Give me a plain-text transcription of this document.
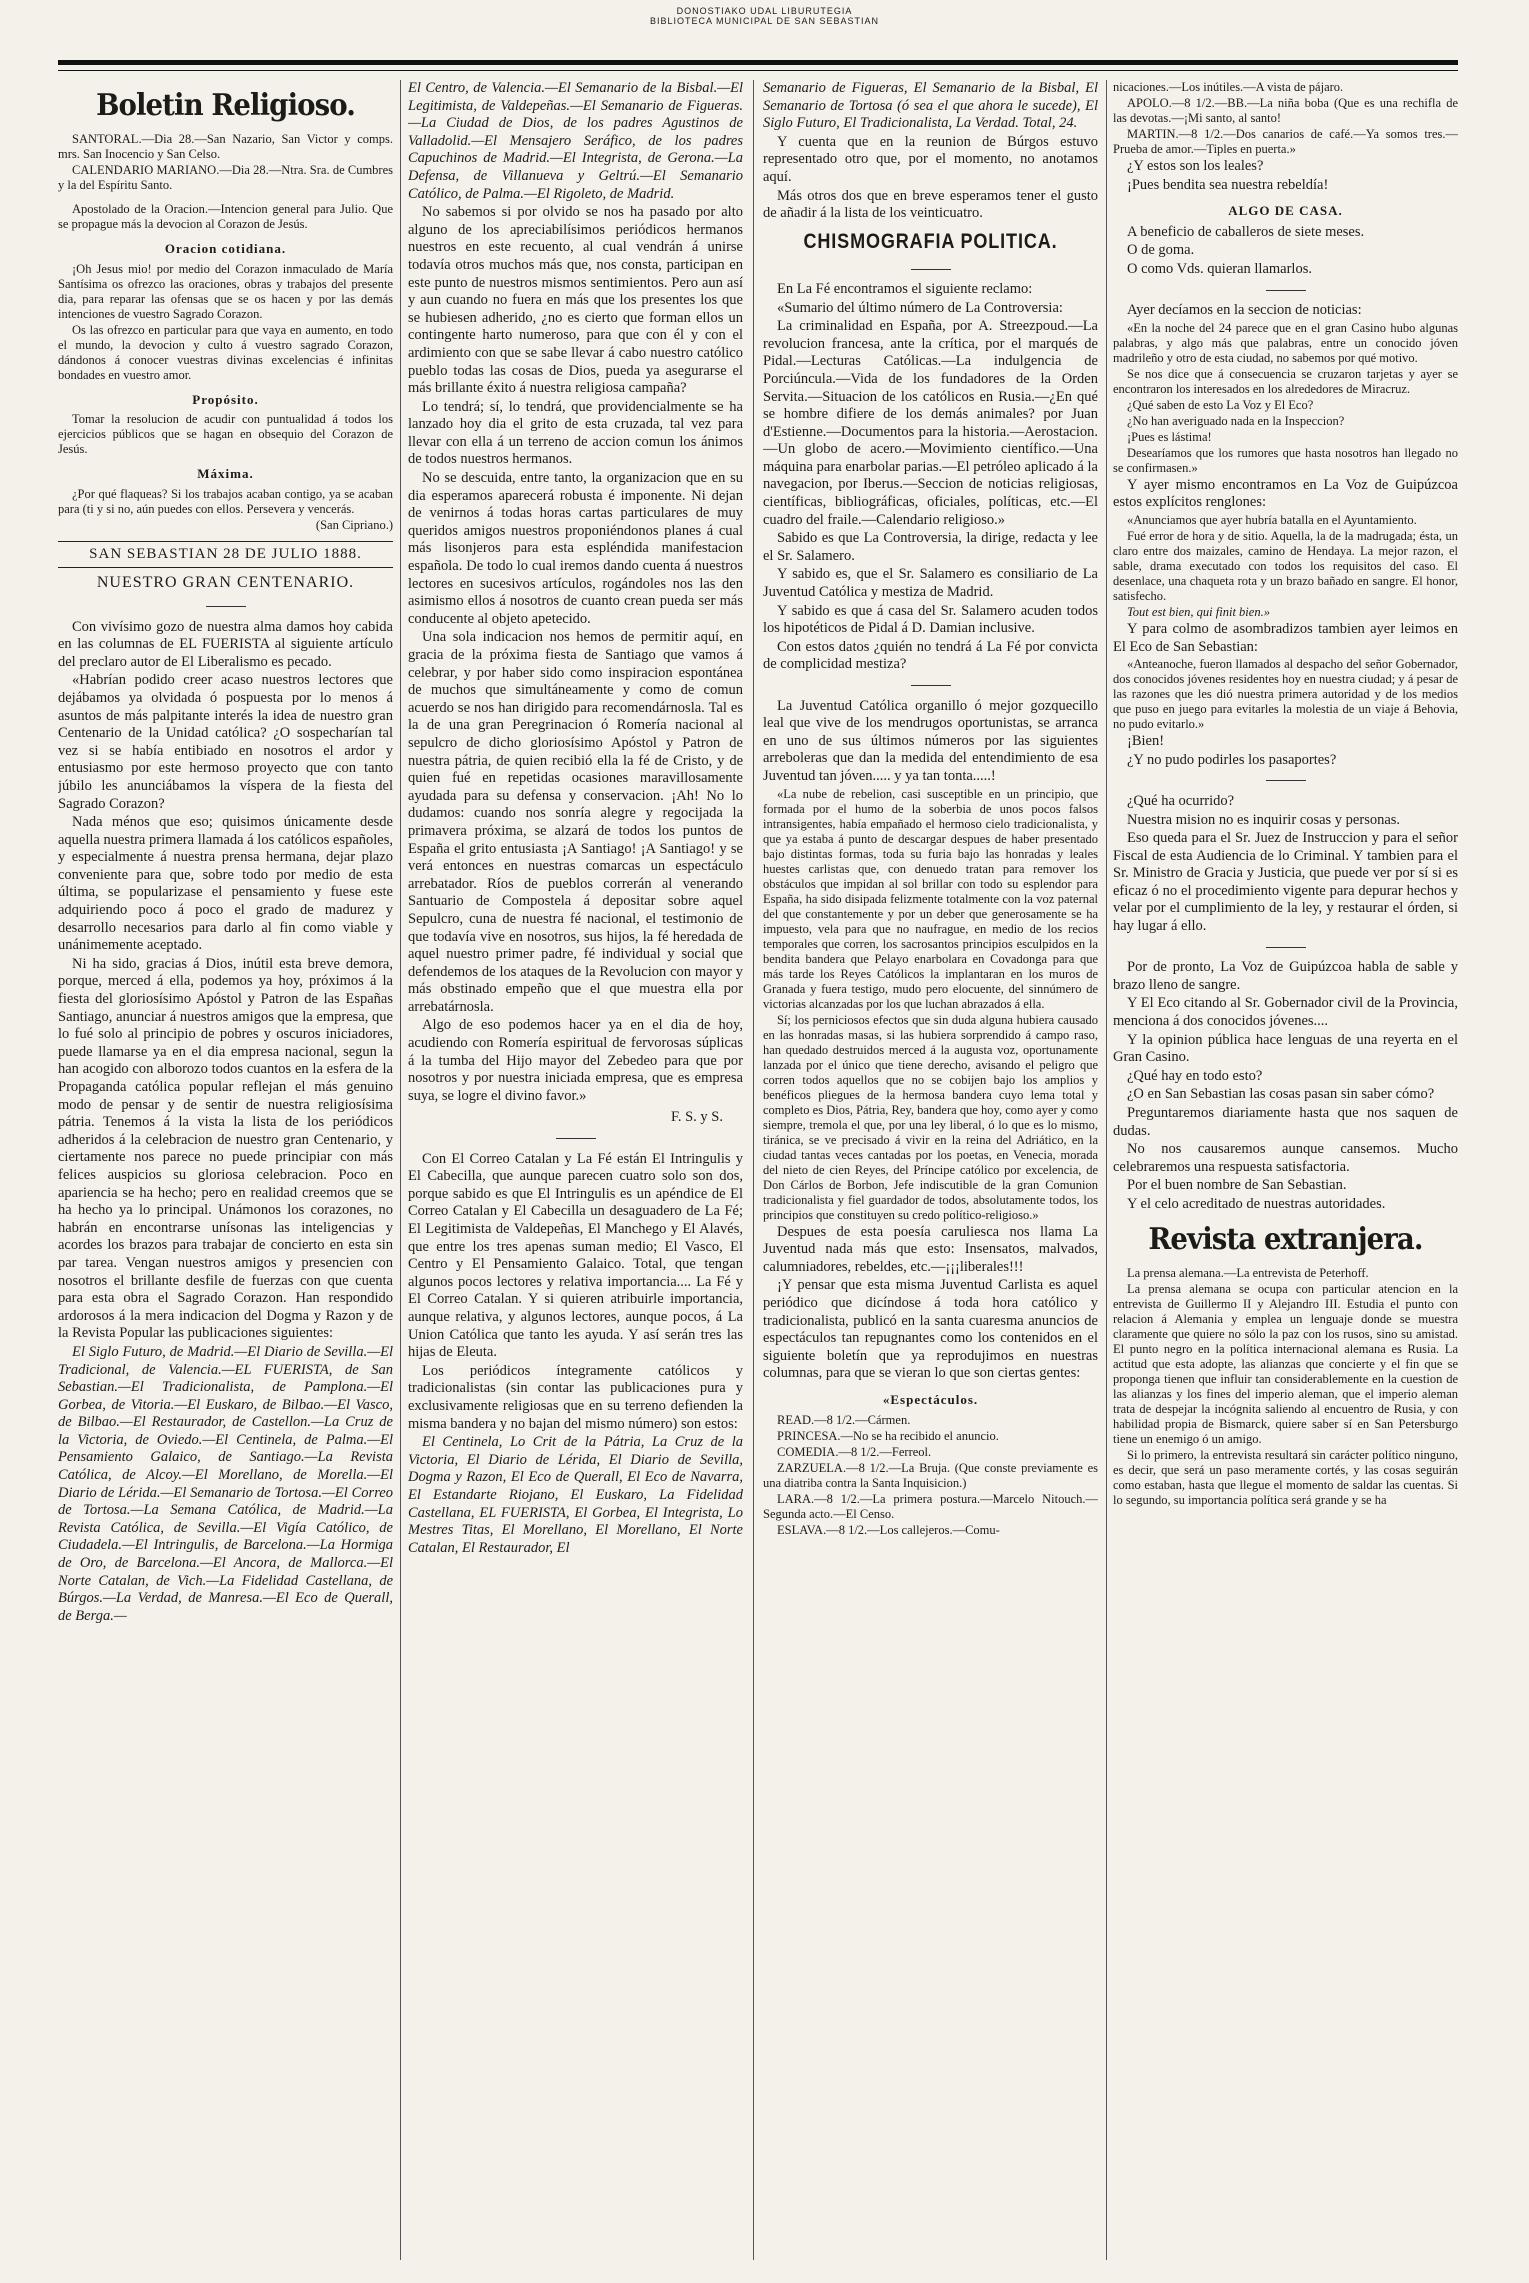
DONOSTIAKO UDAL LIBURUTEGIA
BIBLIOTECA MUNICIPAL DE SAN SEBASTIAN
Boletin Religioso.

SANTORAL.—Dia 28.—San Nazario, San Victor y comps. mrs. San Inocencio y San Celso.

CALENDARIO MARIANO.—Dia 28.—Ntra. Sra. de Cumbres y la del Espíritu Santo.

Apostolado de la Oracion.—Intencion general para Julio. Que se propague más la devocion al Corazon de Jesús.

Oracion cotidiana.

¡Oh Jesus mio! por medio del Corazon inmaculado de María Santísima os ofrezco las oraciones, obras y trabajos del presente dia, para reparar las ofensas que se os hacen y por las demás intenciones de vuestro Sagrado Corazon.

Os las ofrezco en particular para que vaya en aumento, en todo el mundo, la devocion y culto á vuestro sagrado Corazon, dándonos á conocer vuestras divinas excelencias é infinitas bondades en vuestro amor.

Propósito.

Tomar la resolucion de acudir con puntualidad á todos los ejercicios públicos que se hagan en obsequio del Corazon de Jesús.

Máxima.

¿Por qué flaqueas? Si los trabajos acaban contigo, ya se acaban para (ti y si no, aún puedes con ellos. Persevera y vencerás.

(San Cipriano.)

SAN SEBASTIAN 28 DE JULIO 1888.
NUESTRO GRAN CENTENARIO.

Con vivísimo gozo de nuestra alma damos hoy cabida en las columnas de EL FUERISTA al siguiente artículo del preclaro autor de El Liberalismo es pecado.

«Habrían podido creer acaso nuestros lectores que dejábamos ya olvidada ó pospuesta por lo menos á asuntos de más palpitante interés la idea de nuestro gran Centenario de la Unidad católica? ¿O sospecharían tal vez si se había entibiado en nosotros el ardor y entusiasmo por este hermoso proyecto que con tanto júbilo les anunciábamos la víspera de la fiesta del Sagrado Corazon?

Nada ménos que eso; quisimos únicamente desde aquella nuestra primera llamada á los católicos españoles, y especialmente á nuestra prensa hermana, dejar plazo conveniente para que, sobre todo por medio de esta última, se popularizase el pensamiento y fuese este adquiriendo poco á poco el grado de madurez y desarrollo necesarios para darlo al fin como viable y unánimemente aceptado.

Ni ha sido, gracias á Dios, inútil esta breve demora, porque, merced á ella, podemos ya hoy, próximos á la fiesta del gloriosísimo Apóstol y Patron de las Españas Santiago, anunciar á nuestros amigos que la empresa, que lo fué solo al principio de pobres y oscuros iniciadores, puede llamarse ya en el dia empresa nacional, segun la han acogido con alborozo todos cuantos en la esfera de la Propaganda católica popular reflejan el más genuino modo de pensar y de sentir de nuestra religiosísima pátria. Tenemos á la vista la lista de los periódicos adheridos á la celebracion de nuestro gran Centenario, y ciertamente nos parece no puede principiar con más felices auspicios su gloriosa celebracion. Poco en apariencia se ha hecho; pero en realidad creemos que se ha hecho ya lo principal. Unámonos los corazones, no habrán en encontrarse unísonas las inteligencias y acordes los brazos para trabajar de concierto en esta sin par tarea. Vengan nuestros amigos y presencien con nosotros el brillante desfile de fuerzas con que cuenta para esta obra el Sagrado Corazon. Han respondido ardorosos á la mera indicacion del Dogma y Razon y de la Revista Popular las publicaciones siguientes:

El Siglo Futuro, de Madrid.—El Diario de Sevilla.—El Tradicional, de Valencia.—EL FUERISTA, de San Sebastian.—El Tradicionalista, de Pamplona.—El Gorbea, de Vitoria.—El Euskaro, de Bilbao.—El Vasco, de Bilbao.—El Restaurador, de Castellon.—La Cruz de la Victoria, de Oviedo.—El Centinela, de Palma.—El Pensamiento Galaico, de Santiago.—La Revista Católica, de Alcoy.—El Morellano, de Morella.—El Diario de Lérida.—El Semanario de Tortosa.—El Correo de Tortosa.—La Semana Católica, de Madrid.—La Revista Católica, de Sevilla.—El Vigía Católico, de Ciudadela.—El Intringulis, de Barcelona.—La Hormiga de Oro, de Barcelona.—El Ancora, de Mallorca.—El Norte Catalan, de Vich.—La Fidelidad Castellana, de Búrgos.—La Verdad, de Manresa.—El Eco de Querall, de Berga.—

El Centro, de Valencia.—El Semanario de la Bisbal.—El Legitimista, de Valdepeñas.—El Semanario de Figueras.—La Ciudad de Dios, de los padres Agustinos de Valladolid.—El Mensajero Seráfico, de los padres Capuchinos de Madrid.—El Integrista, de Gerona.—La Defensa, de Villanueva y Geltrú.—El Semanario Católico, de Palma.—El Rigoleto, de Madrid.

No sabemos si por olvido se nos ha pasado por alto alguno de los apreciabilísimos periódicos hermanos nuestros en este recuento, al cual vendrán á unirse todavía otros muchos más que, nos consta, participan en este punto de nuestros mismos sentimientos. Pero aun así y aun cuando no fuera en más que los presentes los que se hubiesen adherido, ¿no es cierto que forman ellos un contingente harto numeroso, para que con él y con el ardimiento con que se sabe llevar á cabo nuestro católico pueblo todas las cosas de Dios, pueda ya asegurarse el más brillante éxito á nuestra religiosa campaña?

Lo tendrá; sí, lo tendrá, que providencialmente se ha lanzado hoy dia el grito de esta cruzada, tal vez para llevar con ella á un terreno de accion comun los ánimos de todos nuestros hermanos.

No se descuida, entre tanto, la organizacion que en su dia esperamos aparecerá robusta é imponente. Ni dejan de venirnos á todas horas cartas particulares de muy queridos amigos nuestros proponiéndonos planes á cual más lisonjeros para esta espléndida manifestacion española. De todo lo cual iremos dando cuenta á nuestros lectores en sucesivos artículos, rogándoles nos las den asimismo ellos á nosotros de cuanto crean pueda ser más conducente al objeto apetecido.

Una sola indicacion nos hemos de permitir aquí, en gracia de la próxima fiesta de Santiago que vamos á celebrar, y por haber sido como inspiracion espontánea de muchos que simultáneamente y como de comun acuerdo se nos han dirigido para recomendárnosla. Tal es la de una gran Peregrinacion ó Romería nacional al sepulcro de dicho gloriosísimo Apóstol y Patron de nuestra pátria, de quien recibió ella la fé de Cristo, y de quien fué en repetidas ocasiones maravillosamente ayudada para su defensa y conservacion. ¡Ah! No lo dudamos: cuando nos sonría alegre y regocijada la primavera próxima, se alzará de todos los puntos de España el grito entusiasta ¡A Santiago! ¡A Santiago! y se verá entonces en nuestras comarcas un espectáculo arrebatador. Ríos de pueblos correrán al venerando Santuario de Compostela á depositar sobre aquel Sepulcro, cuna de nuestra fé nacional, el testimonio de que todavía vive en nosotros, sus hijos, la fé heredada de aquel nuestro primer padre, fé individual y social que defendemos de los ataques de la Revolucion con mayor y más obstinado empeño que el que muestra ella por arrebatárnosla.

Algo de eso podemos hacer ya en el dia de hoy, acudiendo con Romería espiritual de fervorosas súplicas á la tumba del Hijo mayor del Zebedeo para que por nosotros y por nuestra iniciada empresa, que es empresa suya, se logre el divino favor.»

F. S. y S.

Con El Correo Catalan y La Fé están El Intringulis y El Cabecilla, que aunque parecen cuatro solo son dos, porque sabido es que El Intringulis es un apéndice de El Correo Catalan y El Cabecilla un desaguadero de La Fé; El Legitimista de Valdepeñas, El Manchego y El Alavés, que entre los tres apenas suman medio; El Vasco, El Centro y El Pensamiento Galaico. Total, que tengan algunos pocos lectores y relativa importancia.... La Fé y El Correo Catalan. Y si quieren atribuirle importancia, aunque relativa, y algunos lectores, aunque pocos, á La Union Católica que tanto les ayuda. Y así serán tres las hijas de Eleuta.

Los periódicos íntegramente católicos y tradicionalistas (sin contar las publicaciones pura y exclusivamente religiosas que en su terreno defienden la misma bandera y no bajan del mismo número) son estos:

El Centinela, Lo Crit de la Pátria, La Cruz de la Victoria, El Diario de Lérida, El Diario de Sevilla, Dogma y Razon, El Eco de Querall, El Eco de Navarra, El Estandarte Riojano, El Euskaro, La Fidelidad Castellana, EL FUERISTA, El Gorbea, El Integrista, Lo Mestres Titas, El Morellano, El Morellano, El Norte Catalan, El Restaurador, El

Semanario de Figueras, El Semanario de la Bisbal, El Semanario de Tortosa (ó sea el que ahora le sucede), El Siglo Futuro, El Tradicionalista, La Verdad. Total, 24.

Y cuenta que en la reunion de Búrgos estuvo representado otro que, por el momento, no anotamos aquí.

Más otros dos que en breve esperamos tener el gusto de añadir á la lista de los veinticuatro.

CHISMOGRAFIA POLITICA.

En La Fé encontramos el siguiente reclamo:

«Sumario del último número de La Controversia:

La criminalidad en España, por A. Streezpoud.—La revolucion francesa, ante la crítica, por el marqués de Pidal.—Lecturas Católicas.—La indulgencia de Porciúncula.—Vida de los fundadores de la Orden Servita.—Situacion de los católicos en Rusia.—¿En qué se hombre difiere de los demás animales? por Juan d'Estienne.—Documentos para la historia.—Aerostacion.—Un globo de acero.—Movimiento científico.—Una máquina para enarbolar parias.—El petróleo aplicado á la navegacion, por Iberus.—Seccion de noticias religiosas, científicas, bibliográficas, oficiales, políticas, etc.—El cuadro del fraile.—Calendario religioso.»

Sabido es que La Controversia, la dirige, redacta y lee el Sr. Salamero.

Y sabido es, que el Sr. Salamero es consiliario de La Juventud Católica y mestiza de Madrid.

Y sabido es que á casa del Sr. Salamero acuden todos los hipotéticos de Pidal á D. Damian inclusive.

Con estos datos ¿quién no tendrá á La Fé por convicta de complicidad mestiza?

La Juventud Católica organillo ó mejor gozquecillo leal que vive de los mendrugos oportunistas, se arranca en uno de sus últimos números por las siguientes arreboleras que dan la medida del entendimiento de esa Juventud tan jóven..... y ya tan tonta.....!

«La nube de rebelion, casi susceptible en un principio, que formada por el humo de la soberbia de unos pocos falsos intransigentes, había empañado el hermoso cielo tradicionalista, y que ya estaba á punto de descargar despues de haber presentado bajo distintas formas, toda su furia bajo las honradas y leales huestes carlistas que, con denuedo tratan para remover los obstáculos que impidan al sol brillar con todo su esplendor para España, ha sido disipada felizmente totalmente con la voz paternal del que constantemente y por un deber que generosamente se ha impuesto, vela para que no naufrague, en medio de los recios temporales que corren, los sacrosantos principios esculpidos en la bendita bandera que Pelayo enarbolara en Covadonga para que más tarde los Reyes Católicos la implantaran en los muros de Granada y fuera testigo, mudo pero elocuente, del sinnúmero de victorias alcanzadas por los que luchan abrazados á ella.

Sí; los perniciosos efectos que sin duda alguna hubiera causado en las honradas masas, si las hubiera sorprendido á campo raso, han quedado destruidos merced á la augusta voz, oportunamente lanzada por el único que tiene derecho, avisando el peligro que corren todos aquellos que no se cobijen bajo los amplios y benéficos pliegues de la hermosa bandera cuyo lema total y completo es Dios, Pátria, Rey, bandera que hoy, como ayer y como siempre, tremola el que, por una ley liberal, ó lo que es lo mismo, tiránica, se ve precisado á vivir en la reina del Adriático, en la ciudad tantas veces cantadas por los poetas, en Venecia, morada del nieto de cien Reyes, del Príncipe católico por excelencia, de Don Cárlos de Borbon, Jefe indiscutible de la gran Comunion tradicionalista y fiel guardador de todos, absolutamente todos, los principios que constituyen su credo político-religioso.»

Despues de esta poesía caruliesca nos llama La Juventud nada más que esto: Insensatos, malvados, calumniadores, rebeldes, etc.—¡¡¡liberales!!!

¡Y pensar que esta misma Juventud Carlista es aquel periódico que dicíndose á toda hora católico y tradicionalista, publicó en la santa cuaresma anuncios de espectáculos tan repugnantes como los contenidos en el siguiente boletín que ya reprodujimos en nuestras columnas, para que se vieran lo que son ciertas gentes:

«Espectáculos.

READ.—8 1/2.—Cármen.

PRINCESA.—No se ha recibido el anuncio.

COMEDIA.—8 1/2.—Ferreol.

ZARZUELA.—8 1/2.—La Bruja. (Que conste previamente es una diatriba contra la Santa Inquisicion.)

LARA.—8 1/2.—La primera postura.—Marcelo Nitouch.—Segunda acto.—El Censo.

ESLAVA.—8 1/2.—Los callejeros.—Comu-

nicaciones.—Los inútiles.—A vista de pájaro.

APOLO.—8 1/2.—BB.—La niña boba (Que es una rechifla de las devotas.—¡Mi santo, al santo!

MARTIN.—8 1/2.—Dos canarios de café.—Ya somos tres.—Prueba de amor.—Tiples en puerta.»

¿Y estos son los leales?

¡Pues bendita sea nuestra rebeldía!

ALGO DE CASA.

A beneficio de caballeros de siete meses.

O de goma.

O como Vds. quieran llamarlos.

Ayer decíamos en la seccion de noticias:

«En la noche del 24 parece que en el gran Casino hubo algunas palabras, y algo más que palabras, entre un conocido jóven madrileño y otro de esta ciudad, no sabemos por qué motivo.

Se nos dice que á consecuencia se cruzaron tarjetas y ayer se encontraron los interesados en los alrededores de Miracruz.

¿Qué saben de esto La Voz y El Eco?

¿No han averiguado nada en la Inspeccion?

¡Pues es lástima!

Desearíamos que los rumores que hasta nosotros han llegado no se confirmasen.»

Y ayer mismo encontramos en La Voz de Guipúzcoa estos explícitos renglones:

«Anunciamos que ayer hubría batalla en el Ayuntamiento.

Fué error de hora y de sitio. Aquella, la de la madrugada; ésta, un claro entre dos maizales, camino de Hendaya. La mejor razon, el sable, drama executado con todos los requisitos del caso. El desenlace, una chaqueta rota y un brazo bañado en sangre. El honor, satisfecho.

Tout est bien, qui finit bien.»

Y para colmo de asombradizos tambien ayer leimos en El Eco de San Sebastian:

«Anteanoche, fueron llamados al despacho del señor Gobernador, dos conocidos jóvenes residentes hoy en nuestra ciudad; y á pesar de las razones que les dió nuestra primera autoridad y de los medios que puso en juego para evitarles la molestia de un viaje á Behovia, no pudo evitarlo.»

¡Bien!

¿Y no pudo podirles los pasaportes?

¿Qué ha ocurrido?

Nuestra mision no es inquirir cosas y personas.

Eso queda para el Sr. Juez de Instruccion y para el señor Fiscal de esta Audiencia de lo Criminal. Y tambien para el Sr. Ministro de Gracia y Justicia, que puede ver por sí si es eficaz ó no el procedimiento vigente para depurar hechos y velar por el cumplimiento de la ley, y restaurar el órden, si hay lugar á ello.

Por de pronto, La Voz de Guipúzcoa habla de sable y brazo lleno de sangre.

Y El Eco citando al Sr. Gobernador civil de la Provincia, menciona á dos conocidos jóvenes....

Y la opinion pública hace lenguas de una reyerta en el Gran Casino.

¿Qué hay en todo esto?

¿O en San Sebastian las cosas pasan sin saber cómo?

Preguntaremos diariamente hasta que nos saquen de dudas.

No nos causaremos aunque cansemos. Mucho celebraremos una respuesta satisfactoria.

Por el buen nombre de San Sebastian.

Y el celo acreditado de nuestras autoridades.

Revista extranjera.

La prensa alemana.—La entrevista de Peterhoff.

La prensa alemana se ocupa con particular atencion en la entrevista de Guillermo II y Alejandro III. Estudia el punto con relacion á Alemania y emplea un lenguaje donde se muestra claramente que quiere no sólo la paz con los rusos, sino su amistad. El punto negro en la política internacional alemana es Rusia. La actitud que esta adopte, las alianzas que concierte y el fin que se proponga tienen que influir tan considerablemente en la cuestion de las alianzas y los fines del imperio aleman, que el imperio aleman trata de despejar la incógnita saliendo al encuentro de Rusia, y con habilidad propia de Bismarck, quiere saber sí en San Petersburgo tiene un enemigo ó un amigo.

Si lo primero, la entrevista resultará sin carácter político ninguno, es decir, que será un paso meramente cortés, y las cosas seguirán como estaban, hasta que llegue el momento de saldar las cuentas. Si lo segundo, su importancia política será grande y se ha
